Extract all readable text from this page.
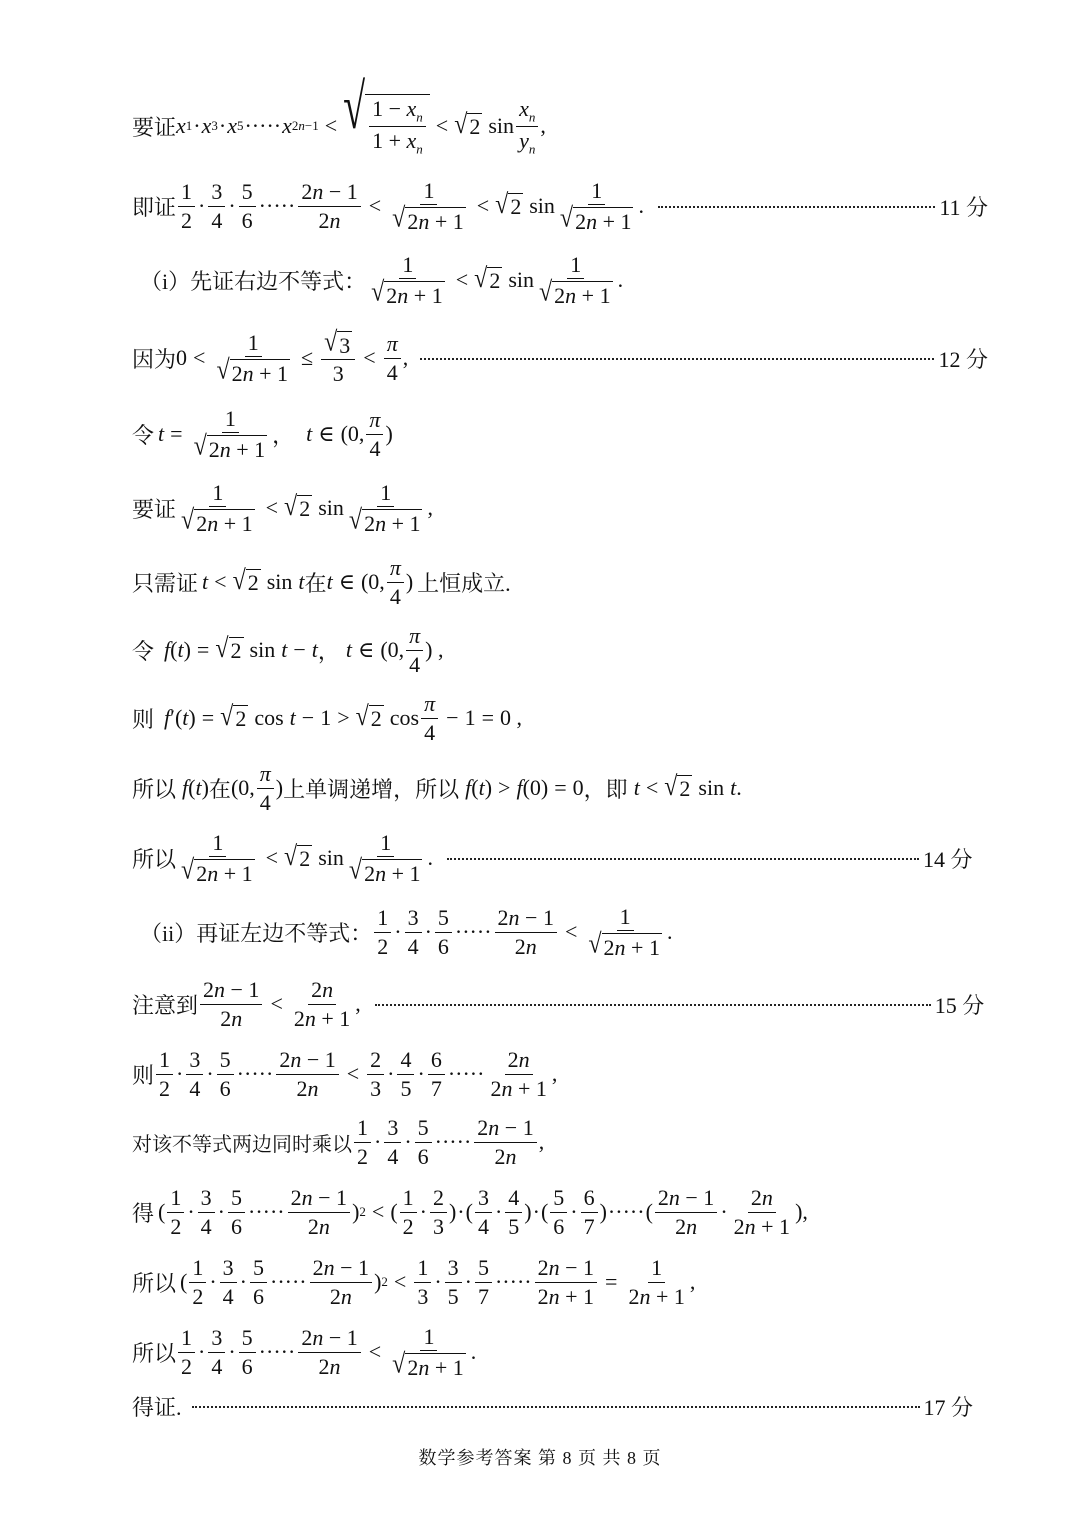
要证 x 1 · x 3 · x 5 ····· x 2n−1 < √ $\frac{1 - x_n}{1 + x_n}$ < √ 2 $\sin \frac{x_n}{y_n}$ ,
即证 $\frac{1}{2} \cdot \frac{3}{4} \cdot \frac{5}{6}$ ····· $\frac{2n - 1}{2n} < \frac{1}{√ 2n + 1}$ < √ 2 $\sin \frac{1}{√ 2n + 1}$ .	11 分
（i）先证右边不等式： $\frac{1}{√ 2n + 1}$ < √ 2 $\sin \frac{1}{√ 2n + 1}$ .
因为 $0 < \frac{1}{√ 2n + 1} \le \frac{√ 3}{3} < \frac{\pi}{4}$ ,	12 分
令 $t = \frac{1}{√ 2n + 1}$ ， t ∈ (0, $\frac{\pi}{4}$ )
要证 $\frac{1}{√ 2n + 1}$ < √ 2 $\sin \frac{1}{√ 2n + 1}$ ,
只需证 t < √ 2 sin t 在 t ∈ (0, $\frac{\pi}{4}$ ) 上恒成立.
令 f(t) = √ 2 sin t − t ， t ∈ (0, $\frac{\pi}{4}$ ) ,
则 f′(t) = √ 2 cos t − 1 > √ 2 $\cos \frac{\pi}{4} - 1 = 0$ ,
所以 f(t) 在 (0, $\frac{\pi}{4}$ ) 上单调递增，所以 f(t) > f (0) = 0 ，即 t < √ 2 sin t .
所以 $\frac{1}{√ 2n + 1}$ < √ 2 $\sin \frac{1}{√ 2n + 1}$ .	14 分
（ii）再证左边不等式： $\frac{1}{2} \cdot \frac{3}{4} \cdot \frac{5}{6}$ ····· $\frac{2n - 1}{2n} < \frac{1}{√ 2n + 1}$ .
注意到 $\frac{2n - 1}{2n} < \frac{2n}{2n + 1}$ ,	15 分
则 $\frac{1}{2} \cdot \frac{3}{4} \cdot \frac{5}{6}$ ····· $\frac{2n - 1}{2n} < \frac{2}{3} \cdot \frac{4}{5} \cdot \frac{6}{7}$ ····· $\frac{2n}{2n + 1}$ ,
对该不等式两边同时乘以 $\frac{1}{2} \cdot \frac{3}{4} \cdot \frac{5}{6}$ ····· $\frac{2n - 1}{2n}$ ,
得 ( $\frac{1}{2} \cdot \frac{3}{4} \cdot \frac{5}{6}$ ····· $\frac{2n - 1}{2n}$ ) 2 < ( $\frac{1}{2} \cdot \frac{2}{3}$ ) · ( $\frac{3}{4} \cdot \frac{4}{5}$ ) · ( $\frac{5}{6} \cdot \frac{6}{7}$ ) ····· ( $\frac{2n - 1}{2n} \cdot \frac{2n}{2n + 1}$ ),
所以 ( $\frac{1}{2} \cdot \frac{3}{4} \cdot \frac{5}{6}$ ····· $\frac{2n - 1}{2n}$ ) $2 < \frac{1}{3} \cdot \frac{3}{5} \cdot \frac{5}{7}$ ····· $\frac{2n - 1}{2n + 1} = \frac{1}{2n + 1}$ ,
所以 $\frac{1}{2} \cdot \frac{3}{4} \cdot \frac{5}{6}$ ····· $\frac{2n - 1}{2n} < \frac{1}{√ 2n + 1}$ .
得证.	17 分
数学参考答案 第 8 页 共 8 页
